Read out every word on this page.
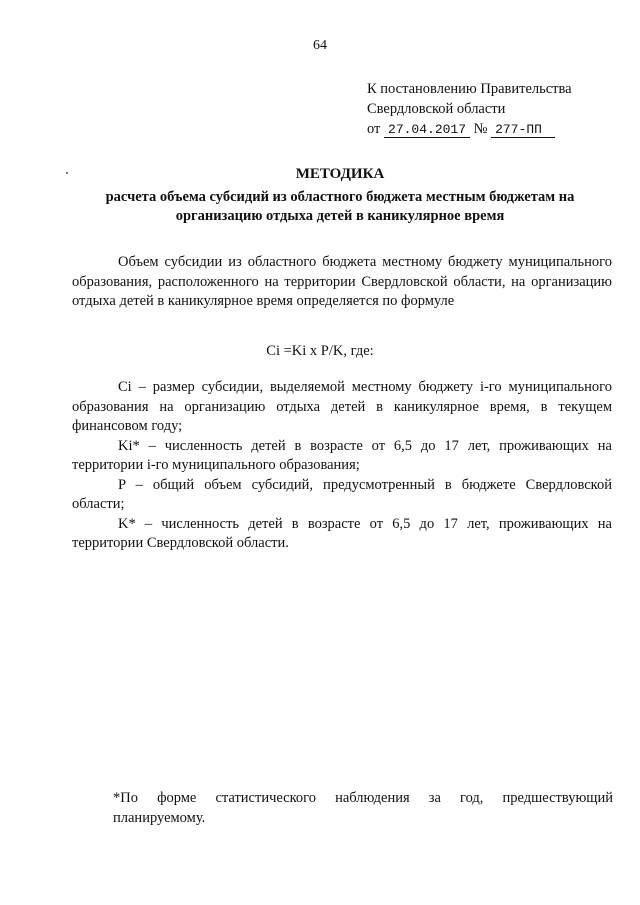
64
К постановлению Правительства
Свердловской области
от 27.04.2017 № 277-ПП
МЕТОДИКА
расчета объема субсидий из областного бюджета местным бюджетам на организацию отдыха детей в каникулярное время
Объем субсидии из областного бюджета местному бюджету муниципального образования, расположенного на территории Свердловской области, на организацию отдыха детей в каникулярное время определяется по формуле
Ci =Ki x P/K, где:

Ci – размер субсидии, выделяемой местному бюджету i-го муниципального образования на организацию отдыха детей в каникулярное время, в текущем финансовом году;

Ki* – численность детей в возрасте от 6,5 до 17 лет, проживающих на территории i-го муниципального образования;

P – общий объем субсидий, предусмотренный в бюджете Свердловской области;

K* – численность детей в возрасте от 6,5 до 17 лет, проживающих на территории Свердловской области.

*По форме статистического наблюдения за год, предшествующий планируемому.
